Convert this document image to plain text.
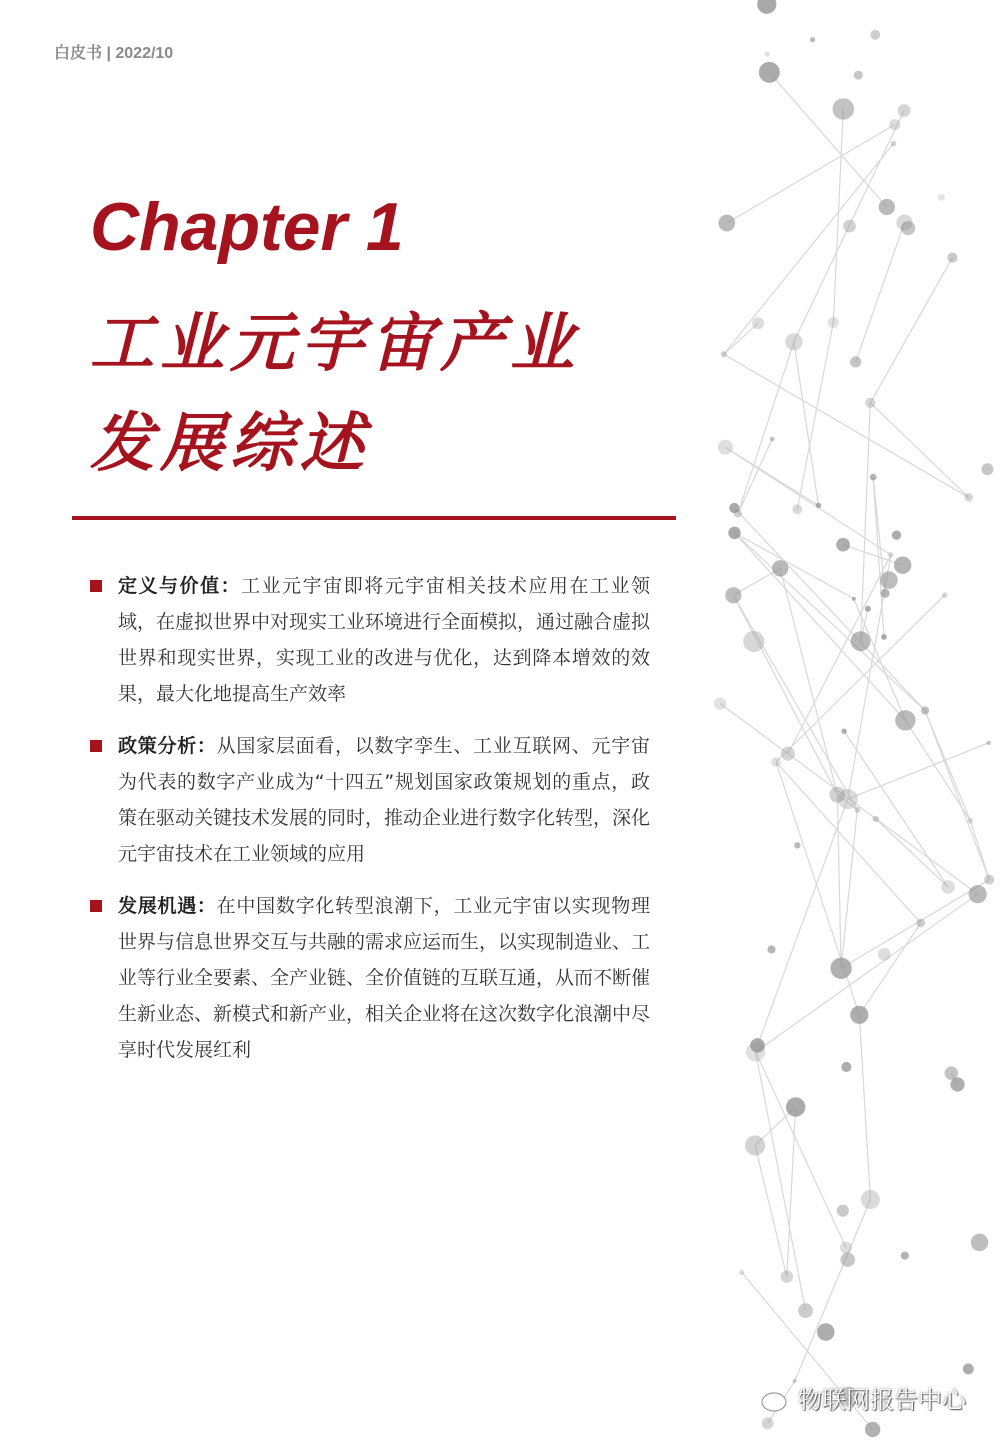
白皮书 | 2022/10
Chapter 1
工业元宇宙产业
发展综述
定义与价值：工业元宇宙即将元宇宙相关技术应用在工业领域，在虚拟世界中对现实工业环境进行全面模拟，通过融合虚拟世界和现实世界，实现工业的改进与优化，达到降本增效的效果，最大化地提高生产效率
政策分析：从国家层面看，以数字孪生、工业互联网、元宇宙为代表的数字产业成为“十四五”规划国家政策规划的重点，政策在驱动关键技术发展的同时，推动企业进行数字化转型，深化元宇宙技术在工业领域的应用
发展机遇：在中国数字化转型浪潮下，工业元宇宙以实现物理世界与信息世界交互与共融的需求应运而生，以实现制造业、工业等行业全要素、全产业链、全价值链的互联互通，从而不断催生新业态、新模式和新产业，相关企业将在这次数字化浪潮中尽享时代发展红利
物联网报告中心
